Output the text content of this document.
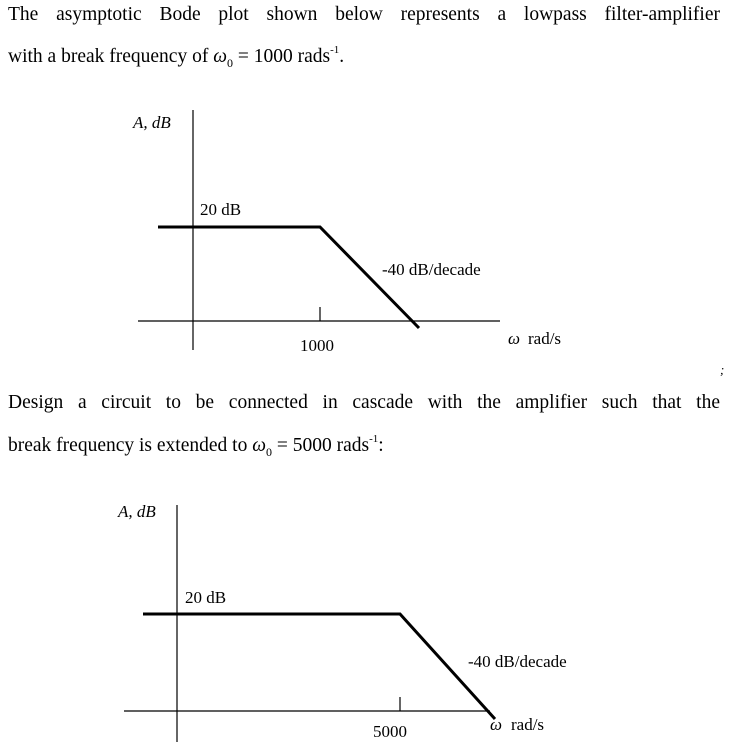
The asymptotic Bode plot shown below represents a lowpass filter-amplifier
with a break frequency of $\omega_0 = 1000$ rads$^{-1}$.
A, dB
20 dB
-40 dB/decade
1000	ω rad/s
;
Design a circuit to be connected in cascade with the amplifier such that the
break frequency is extended to $\omega_0 = 5000$ rads$^{-1}$:
A, dB
20 dB
-40 dB/decade
5000	ω rad/s
